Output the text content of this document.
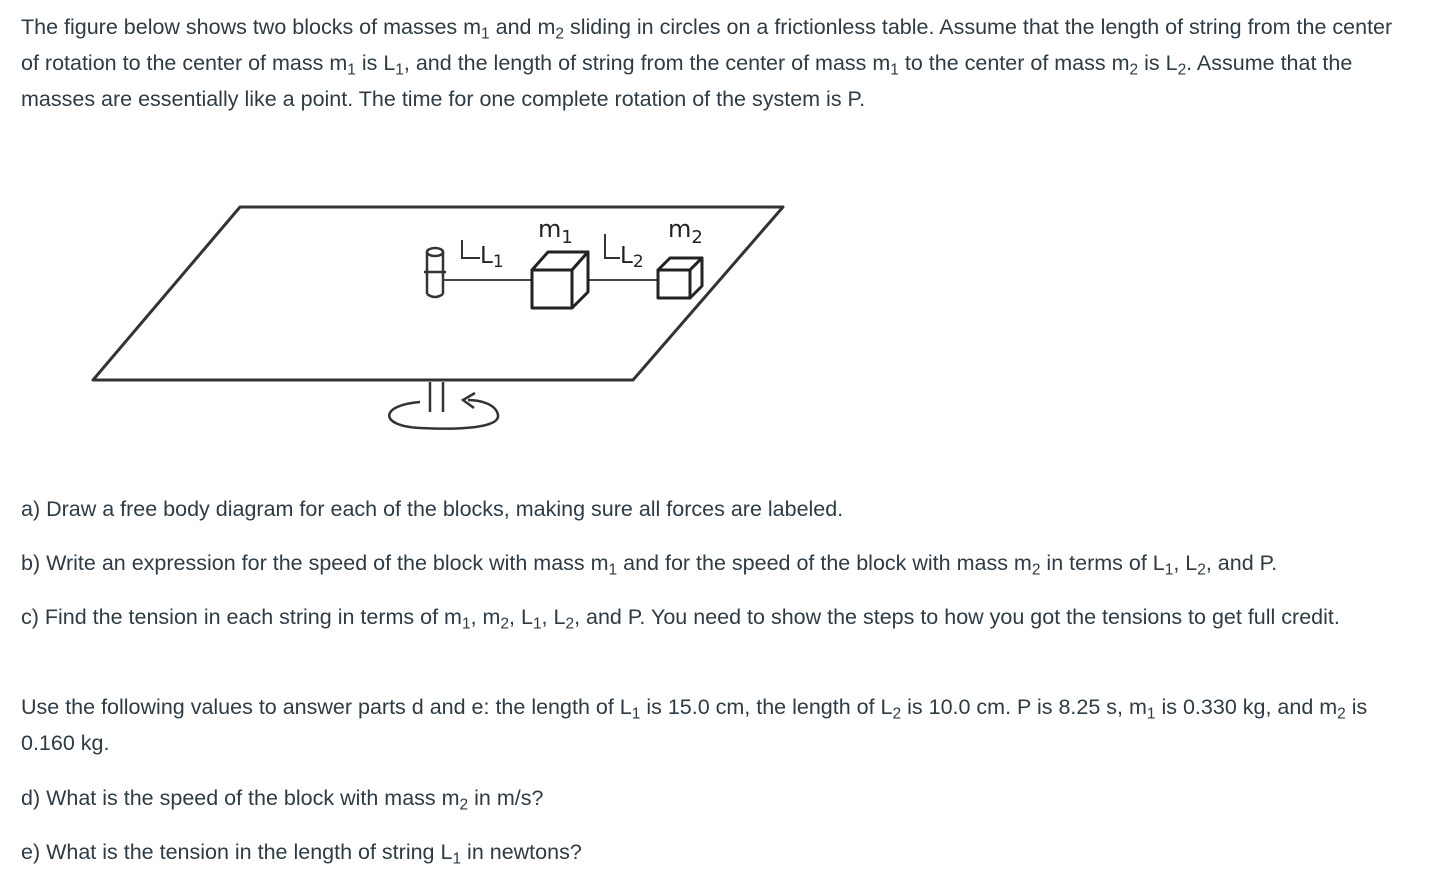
The figure below shows two blocks of masses $m_1$ and $m_2$ sliding in circles on a frictionless table. Assume that the length of string from the center of rotation to the center of mass $m_1$ is $L_1$, and the length of string from the center of mass $m_1$ to the center of mass $m_2$ is $L_2$. Assume that the masses are essentially like a point. The time for one complete rotation of the system is P.

L1
$m_1$
L2
$m_2$

a) Draw a free body diagram for each of the blocks, making sure all forces are labeled.

b) Write an expression for the speed of the block with mass $m_1$ and for the speed of the block with mass $m_2$ in terms of $L_1$, $L_2$, and P.

c) Find the tension in each string in terms of $m_1$, $m_2$, $L_1$, $L_2$, and P. You need to show the steps to how you got the tensions to get full credit.

Use the following values to answer parts d and e: the length of $L_1$ is 15.0 cm, the length of $L_2$ is 10.0 cm. P is 8.25 s, $m_1$ is 0.330 kg, and $m_2$ is 0.160 kg.

d) What is the speed of the block with mass $m_2$ in m/s?

e) What is the tension in the length of string $L_1$ in newtons?
